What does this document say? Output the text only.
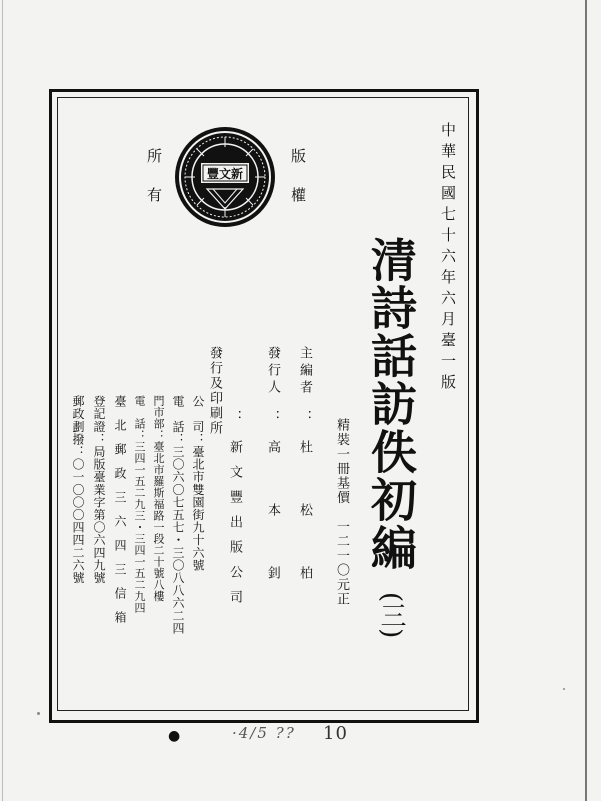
中華民國七十六年六月臺一版
清詩話訪佚初編
(三)
精裝一冊基價　一二一〇元正
版權
所有	豐文新
主編者
：
杜　　松　　柏
發行人
：
高　　本　　釗
發行及印刷所 ：
新文豐出版公司
公　司：臺北市雙園街九十六號
電　話：三〇六〇七五七・三〇八八六二四
門市部：臺北市羅斯福路一段二十號八樓
電　話：三四一五二九三・三四一五二九四
臺北郵政三六四三信箱
登記證：局版臺業字第〇六四九號
郵政劃撥：〇一〇〇〇四四二六號
●	·4/5 ?? 10
